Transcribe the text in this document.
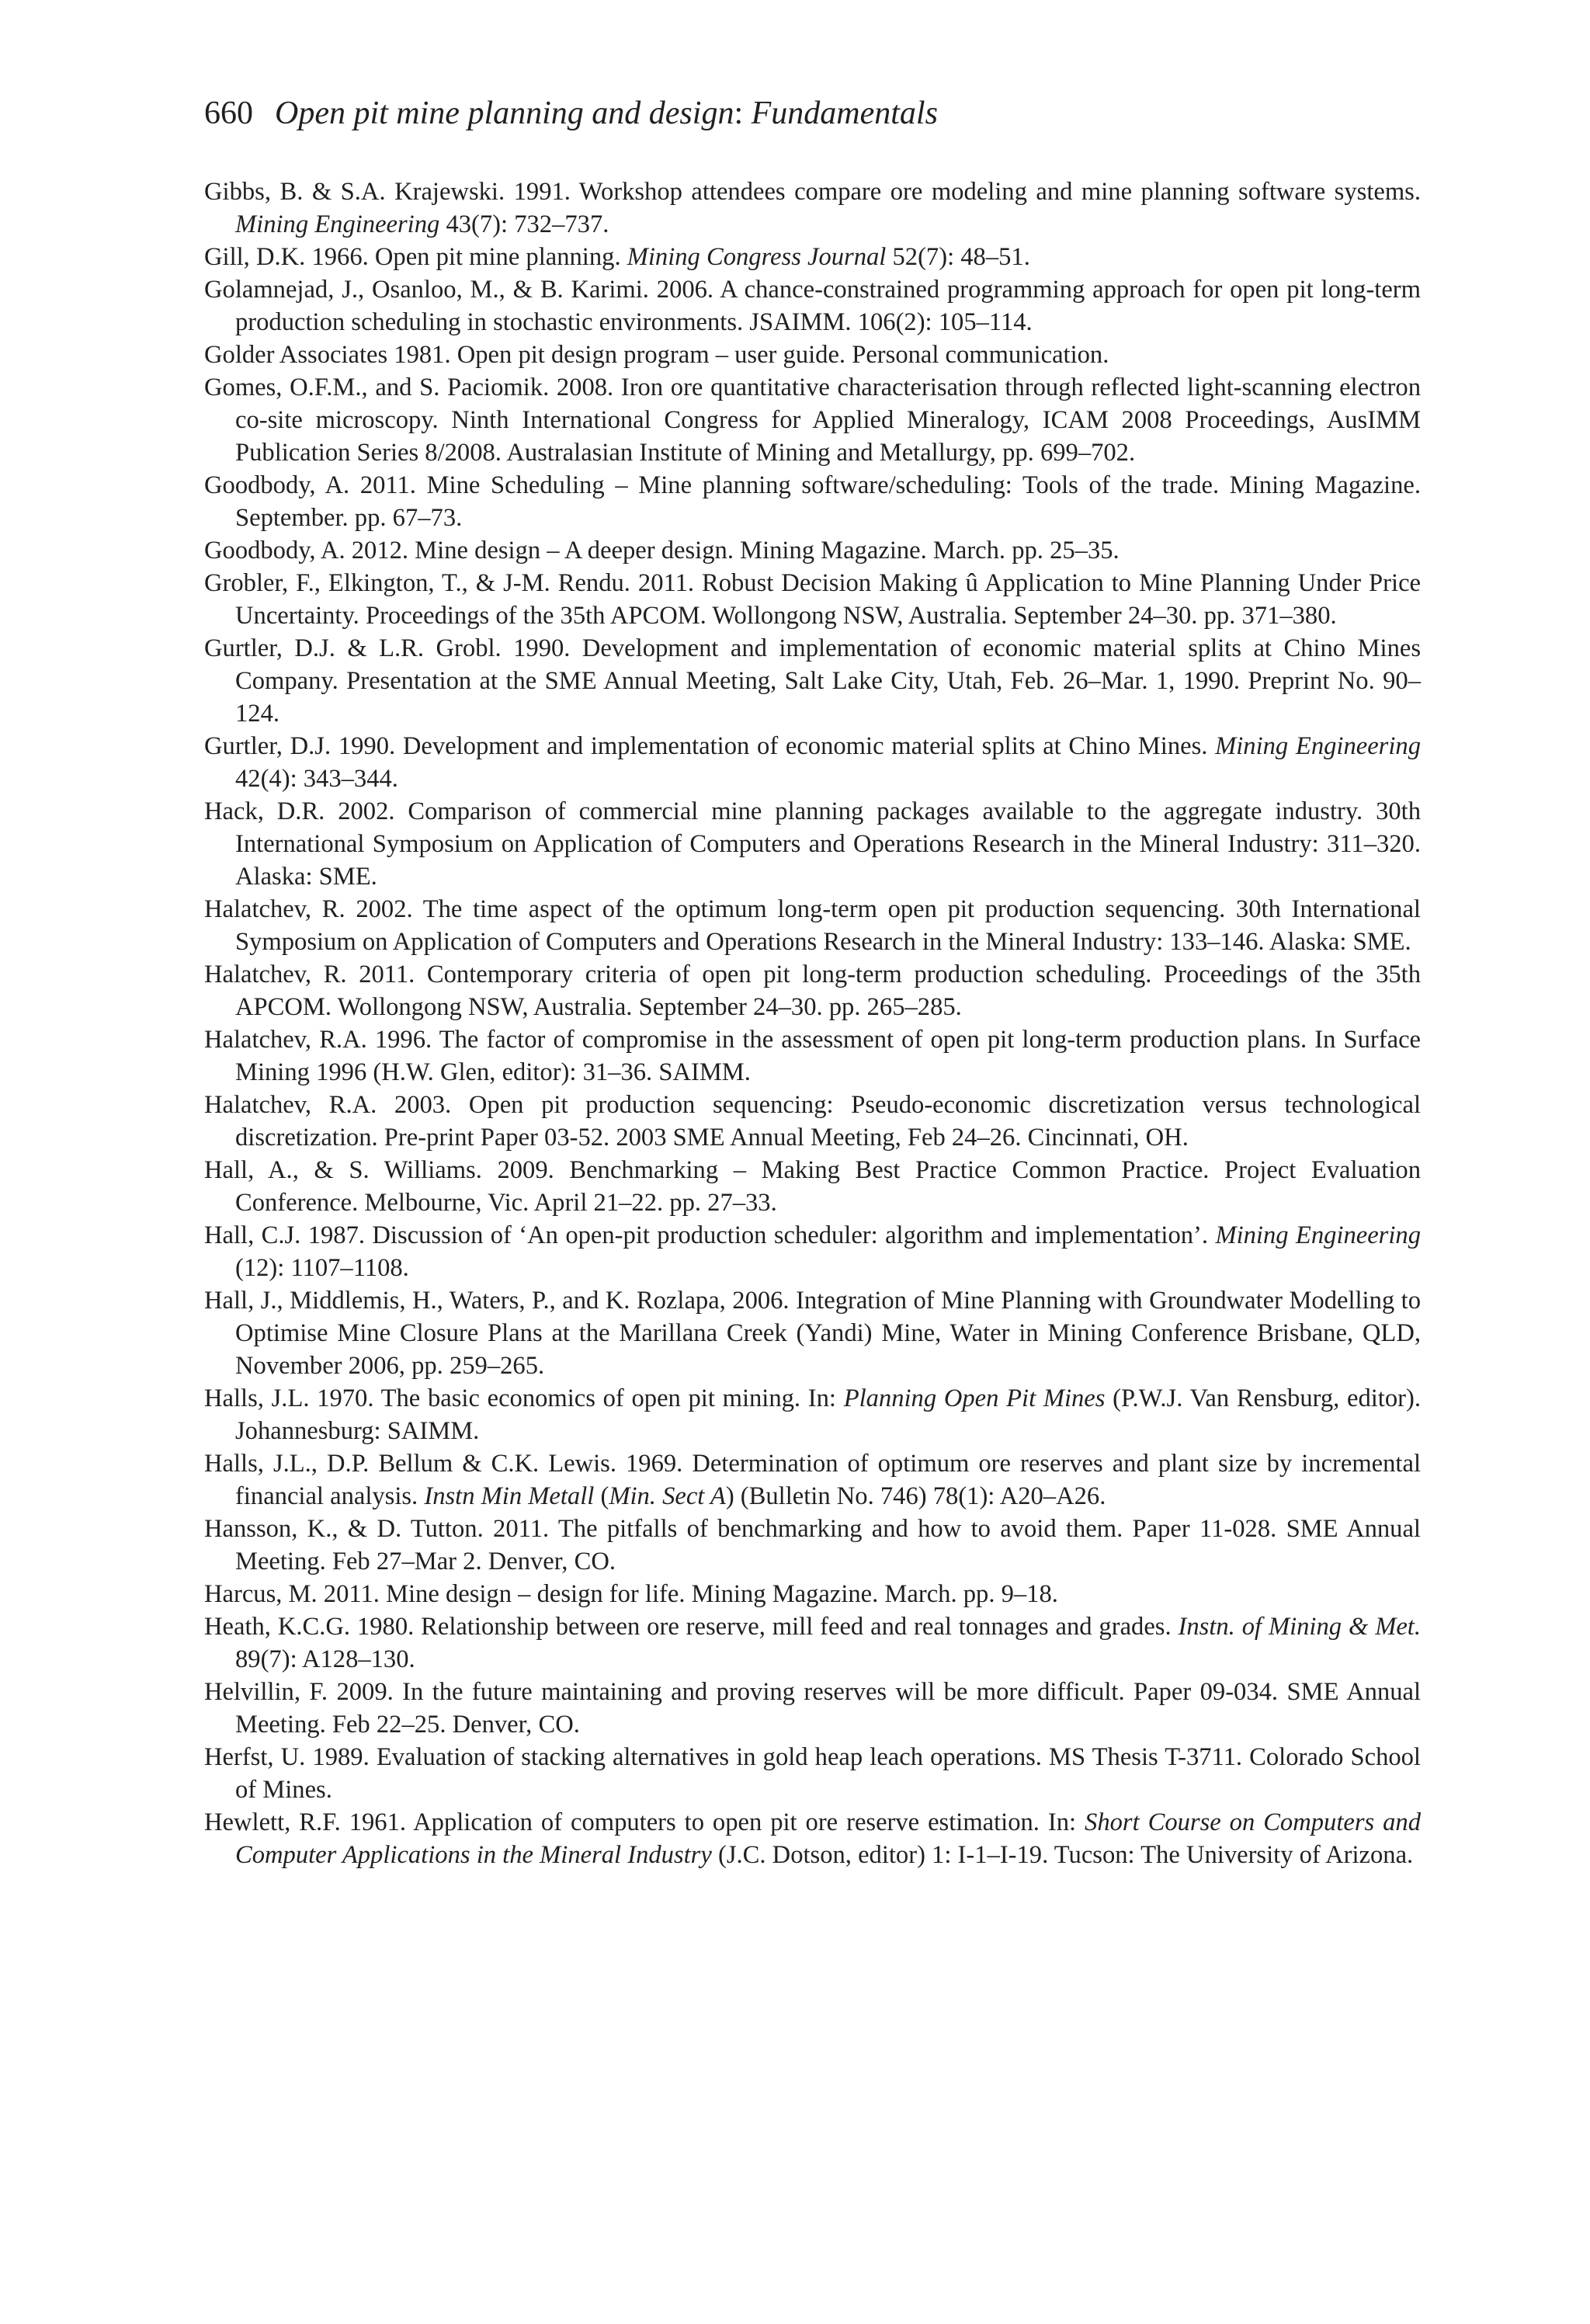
660 Open pit mine planning and design: Fundamentals
Gibbs, B. & S.A. Krajewski. 1991. Workshop attendees compare ore modeling and mine planning software systems. Mining Engineering 43(7): 732–737.
Gill, D.K. 1966. Open pit mine planning. Mining Congress Journal 52(7): 48–51.
Golamnejad, J., Osanloo, M., & B. Karimi. 2006. A chance-constrained programming approach for open pit long-term production scheduling in stochastic environments. JSAIMM. 106(2): 105–114.
Golder Associates 1981. Open pit design program – user guide. Personal communication.
Gomes, O.F.M., and S. Paciomik. 2008. Iron ore quantitative characterisation through reflected light-scanning electron co-site microscopy. Ninth International Congress for Applied Mineralogy, ICAM 2008 Proceedings, AusIMM Publication Series 8/2008. Australasian Institute of Mining and Metallurgy, pp. 699–702.
Goodbody, A. 2011. Mine Scheduling – Mine planning software/scheduling: Tools of the trade. Mining Magazine. September. pp. 67–73.
Goodbody, A. 2012. Mine design – A deeper design. Mining Magazine. March. pp. 25–35.
Grobler, F., Elkington, T., & J-M. Rendu. 2011. Robust Decision Making û Application to Mine Planning Under Price Uncertainty. Proceedings of the 35th APCOM. Wollongong NSW, Australia. September 24–30. pp. 371–380.
Gurtler, D.J. & L.R. Grobl. 1990. Development and implementation of economic material splits at Chino Mines Company. Presentation at the SME Annual Meeting, Salt Lake City, Utah, Feb. 26–Mar. 1, 1990. Preprint No. 90–124.
Gurtler, D.J. 1990. Development and implementation of economic material splits at Chino Mines. Mining Engineering 42(4): 343–344.
Hack, D.R. 2002. Comparison of commercial mine planning packages available to the aggregate industry. 30th International Symposium on Application of Computers and Operations Research in the Mineral Industry: 311–320. Alaska: SME.
Halatchev, R. 2002. The time aspect of the optimum long-term open pit production sequencing. 30th International Symposium on Application of Computers and Operations Research in the Mineral Industry: 133–146. Alaska: SME.
Halatchev, R. 2011. Contemporary criteria of open pit long-term production scheduling. Proceedings of the 35th APCOM. Wollongong NSW, Australia. September 24–30. pp. 265–285.
Halatchev, R.A. 1996. The factor of compromise in the assessment of open pit long-term production plans. In Surface Mining 1996 (H.W. Glen, editor): 31–36. SAIMM.
Halatchev, R.A. 2003. Open pit production sequencing: Pseudo-economic discretization versus technological discretization. Pre-print Paper 03-52. 2003 SME Annual Meeting, Feb 24–26. Cincinnati, OH.
Hall, A., & S. Williams. 2009. Benchmarking – Making Best Practice Common Practice. Project Evaluation Conference. Melbourne, Vic. April 21–22. pp. 27–33.
Hall, C.J. 1987. Discussion of ‘An open-pit production scheduler: algorithm and implementation’. Mining Engineering (12): 1107–1108.
Hall, J., Middlemis, H., Waters, P., and K. Rozlapa, 2006. Integration of Mine Planning with Groundwater Modelling to Optimise Mine Closure Plans at the Marillana Creek (Yandi) Mine, Water in Mining Conference Brisbane, QLD, November 2006, pp. 259–265.
Halls, J.L. 1970. The basic economics of open pit mining. In: Planning Open Pit Mines (P.W.J. Van Rensburg, editor). Johannesburg: SAIMM.
Halls, J.L., D.P. Bellum & C.K. Lewis. 1969. Determination of optimum ore reserves and plant size by incremental financial analysis. Instn Min Metall (Min. Sect A) (Bulletin No. 746) 78(1): A20–A26.
Hansson, K., & D. Tutton. 2011. The pitfalls of benchmarking and how to avoid them. Paper 11-028. SME Annual Meeting. Feb 27–Mar 2. Denver, CO.
Harcus, M. 2011. Mine design – design for life. Mining Magazine. March. pp. 9–18.
Heath, K.C.G. 1980. Relationship between ore reserve, mill feed and real tonnages and grades. Instn. of Mining & Met. 89(7): A128–130.
Helvillin, F. 2009. In the future maintaining and proving reserves will be more difficult. Paper 09-034. SME Annual Meeting. Feb 22–25. Denver, CO.
Herfst, U. 1989. Evaluation of stacking alternatives in gold heap leach operations. MS Thesis T-3711. Colorado School of Mines.
Hewlett, R.F. 1961. Application of computers to open pit ore reserve estimation. In: Short Course on Computers and Computer Applications in the Mineral Industry (J.C. Dotson, editor) 1: I-1–I-19. Tucson: The University of Arizona.
